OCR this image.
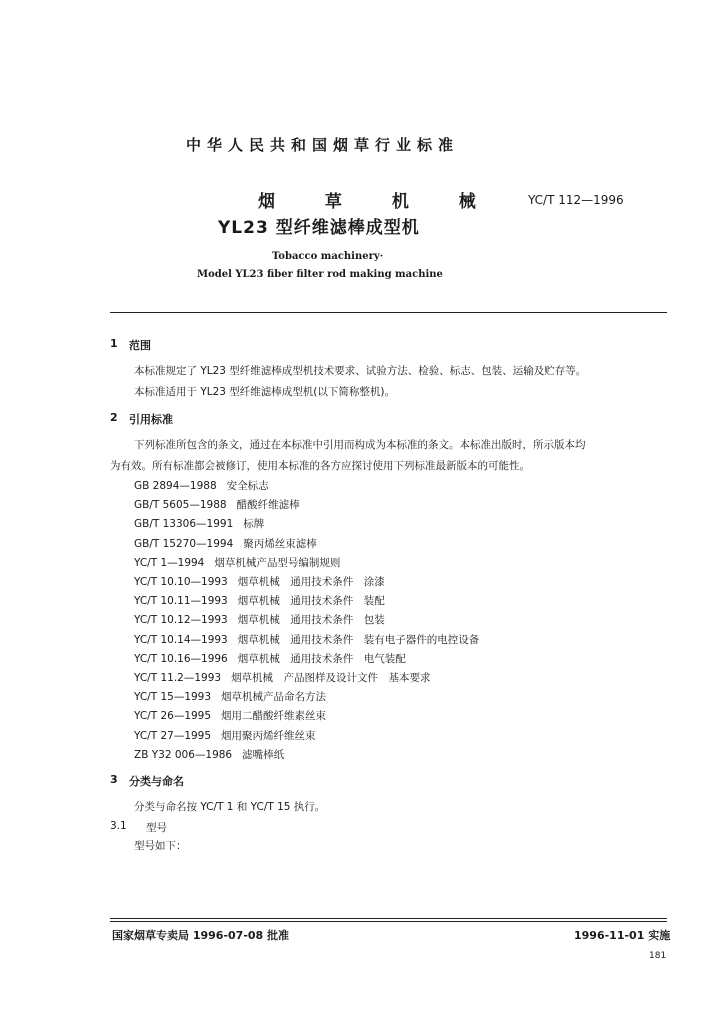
中华人民共和国烟草行业标准
烟 草 机 械
YL23 型纤维滤棒成型机
YC/T 112—1996
Tobacco machinery·
Model YL23 fiber filter rod making machine
1 范围
本标准规定了 YL23 型纤维滤棒成型机技术要求、试验方法、检验、标志、包装、运输及贮存等。
本标准适用于 YL23 型纤维滤棒成型机(以下简称整机)。
2 引用标准
下列标准所包含的条文，通过在本标准中引用而构成为本标准的条文。本标准出版时，所示版本均
为有效。所有标准都会被修订，使用本标准的各方应探讨使用下列标准最新版本的可能性。
GB 2894—1988 安全标志
GB/T 5605—1988 醋酸纤维滤棒
GB/T 13306—1991 标牌
GB/T 15270—1994 聚丙烯丝束滤棒
YC/T 1—1994 烟草机械产品型号编制规则
YC/T 10.10—1993 烟草机械　通用技术条件　涂漆
YC/T 10.11—1993 烟草机械　通用技术条件　装配
YC/T 10.12—1993 烟草机械　通用技术条件　包装
YC/T 10.14—1993 烟草机械　通用技术条件　装有电子器件的电控设备
YC/T 10.16—1996 烟草机械　通用技术条件　电气装配
YC/T 11.2—1993 烟草机械　产品图样及设计文件　基本要求
YC/T 15—1993 烟草机械产品命名方法
YC/T 26—1995 烟用二醋酸纤维素丝束
YC/T 27—1995 烟用聚丙烯纤维丝束
ZB Y32 006—1986 滤嘴棒纸
3 分类与命名
分类与命名按 YC/T 1 和 YC/T 15 执行。
3.1 型号
型号如下：
国家烟草专卖局 1996-07-08 批准	1996-11-01 实施
181
